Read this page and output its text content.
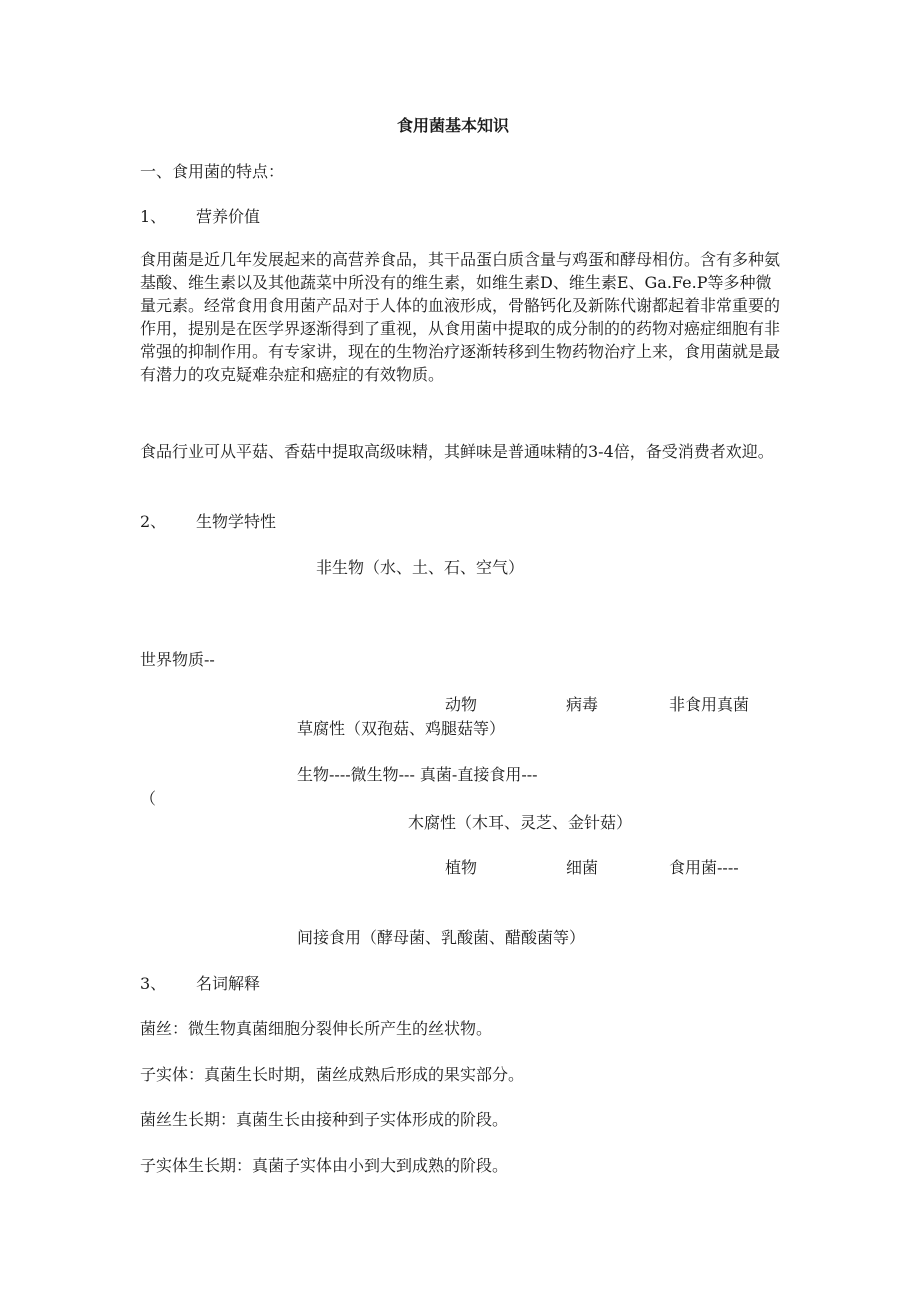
食用菌基本知识
一、食用菌的特点：
1、 营养价值
食用菌是近几年发展起来的高营养食品，其干品蛋白质含量与鸡蛋和酵母相仿。含有多种氨基酸、维生素以及其他蔬菜中所没有的维生素，如维生素D、维生素E、Ga.Fe.P等多种微量元素。经常食用食用菌产品对于人体的血液形成，骨骼钙化及新陈代谢都起着非常重要的作用，提别是在医学界逐渐得到了重视，从食用菌中提取的成分制的的药物对癌症细胞有非常强的抑制作用。有专家讲，现在的生物治疗逐渐转移到生物药物治疗上来，食用菌就是最有潜力的攻克疑难杂症和癌症的有效物质。
食品行业可从平菇、香菇中提取高级味精，其鲜味是普通味精的3-4倍，备受消费者欢迎。
2、 生物学特性
非生物（水、土、石、空气）
世界物质--
动物	病毒	非食用真菌
草腐性（双孢菇、鸡腿菇等）
生物----微生物--- 真菌-直接食用---
（
木腐性（木耳、灵芝、金针菇）
植物	细菌	食用菌----
间接食用（酵母菌、乳酸菌、醋酸菌等）
3、 名词解释
菌丝：微生物真菌细胞分裂伸长所产生的丝状物。
子实体：真菌生长时期，菌丝成熟后形成的果实部分。
菌丝生长期：真菌生长由接种到子实体形成的阶段。
子实体生长期：真菌子实体由小到大到成熟的阶段。
